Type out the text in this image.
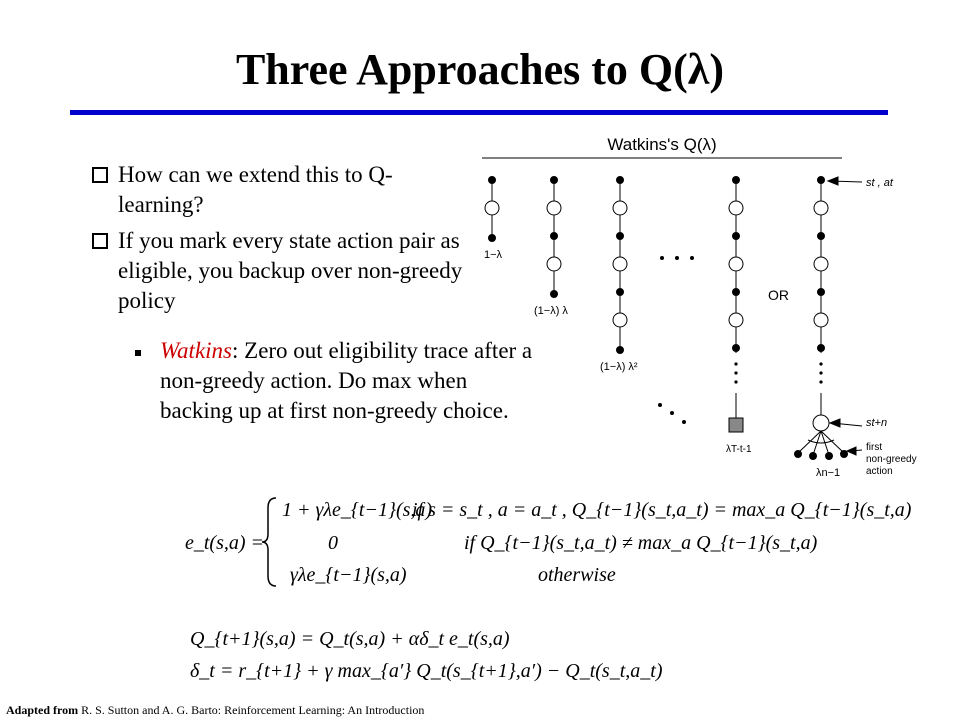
Three Approaches to Q(λ)
How can we extend this to Q-learning?
If you mark every state action pair as eligible, you backup over non-greedy policy
Watkins: Zero out eligibility trace after a non-greedy action. Do max when backing up at first non-greedy choice.
Watkins's Q(λ)
1−λ
(1−λ) λ
(1−λ) λ²
λT-t-1
OR
λn−1
st , at
st+n
first non-greedy action
e_t(s,a) =
1 + γλe_{t−1}(s,a)
if s = s_t , a = a_t , Q_{t−1}(s_t,a_t) = max_a Q_{t−1}(s_t,a)
0	if Q_{t−1}(s_t,a_t) ≠ max_a Q_{t−1}(s_t,a)
γλe_{t−1}(s,a)	otherwise
Q_{t+1}(s,a) = Q_t(s,a) + αδ_t e_t(s,a)
δ_t = r_{t+1} + γ max_{a′} Q_t(s_{t+1},a′) − Q_t(s_t,a_t)
Adapted from R. S. Sutton and A. G. Barto: Reinforcement Learning: An Introduction
